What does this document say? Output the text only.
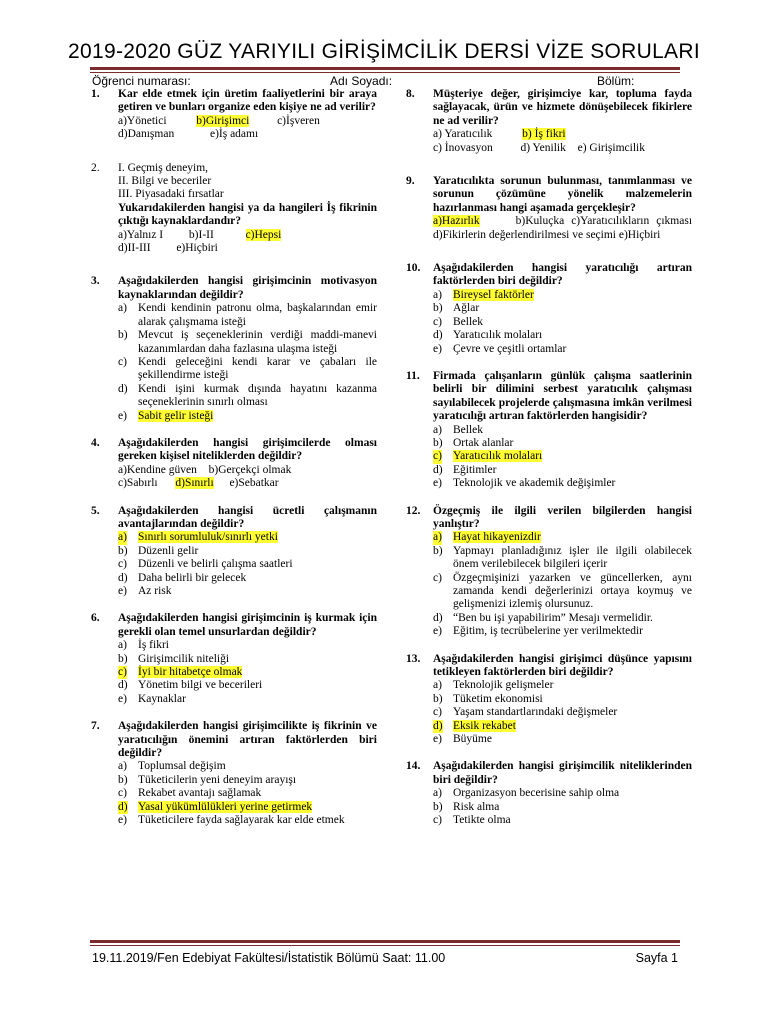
2019-2020 GÜZ YARIYILI GİRİŞİMCİLİK DERSİ VİZE SORULARI
Öğrenci numarası:	Adı Soyadı:	Bölüm:
1. Kar elde etmek için üretim faaliyetlerini bir araya getiren ve bunları organize eden kişiye ne ad verilir?
a)Yönetici	b)Girişimci c)İşveren
d)Danışman	e)İş adamı
2. I. Geçmiş deneyim,
II. Bilgi ve beceriler
III. Piyasadaki fırsatlar
Yukarıdakilerden hangisi ya da hangileri İş fikrinin çıktığı kaynaklardandır?
a)Yalnız I b)I-II	c)Hepsi
d)II-III e)Hiçbiri
3. Aşağıdakilerden hangisi girişimcinin motivasyon kaynaklarından değildir?
a) Kendi kendinin patronu olma, başkalarından emir alarak çalışmama isteği
b) Mevcut iş seçeneklerinin verdiği maddi-manevi kazanımlardan daha fazlasına ulaşma isteği
c) Kendi geleceğini kendi karar ve çabaları ile şekillendirme isteği
d) Kendi işini kurmak dışında hayatını kazanma seçeneklerinin sınırlı olması
e) Sabit gelir isteği
4. Aşağıdakilerden hangisi girişimcilerde olması gereken kişisel niteliklerden değildir?
a)Kendine güven b)Gerçekçi olmak
c)Sabırlı d)Sınırlı e)Sebatkar
5. Aşağıdakilerden hangisi ücretli çalışmanın avantajlarından değildir?
a) Sınırlı sorumluluk/sınırlı yetki
b) Düzenli gelir
c) Düzenli ve belirli çalışma saatleri
d) Daha belirli bir gelecek
e) Az risk
6. Aşağıdakilerden hangisi girişimcinin iş kurmak için gerekli olan temel unsurlardan değildir?
a) İş fikri
b) Girişimcilik niteliği
c) İyi bir hitabetçe olmak
d) Yönetim bilgi ve becerileri
e) Kaynaklar
7. Aşağıdakilerden hangisi girişimcilikte iş fikrinin ve yaratıcılığın önemini artıran faktörlerden biri değildir?
a) Toplumsal değişim
b) Tüketicilerin yeni deneyim arayışı
c) Rekabet avantajı sağlamak
d) Yasal yükümlülükleri yerine getirmek
e) Tüketicilere fayda sağlayarak kar elde etmek
8. Müşteriye değer, girişimciye kar, topluma fayda sağlayacak, ürün ve hizmete dönüşebilecek fikirlere ne ad verilir?
a) Yaratıcılık	b) İş fikri
c) İnovasyon d) Yenilik e) Girişimcilik
9. Yaratıcılıkta sorunun bulunması, tanımlanması ve sorunun çözümüne yönelik malzemelerin hazırlanması hangi aşamada gerçekleşir?
a)Hazırlık	b)Kuluçka c)Yaratıcılıkların çıkması d)Fikirlerin değerlendirilmesi ve seçimi e)Hiçbiri
10. Aşağıdakilerden hangisi yaratıcılığı artıran faktörlerden biri değildir?
a) Bireysel faktörler
b) Ağlar
c) Bellek
d) Yaratıcılık molaları
e) Çevre ve çeşitli ortamlar
11. Firmada çalışanların günlük çalışma saatlerinin belirli bir dilimini serbest yaratıcılık çalışması sayılabilecek projelerde çalışmasına imkân verilmesi yaratıcılığı artıran faktörlerden hangisidir?
a) Bellek
b) Ortak alanlar
c) Yaratıcılık molaları
d) Eğitimler
e) Teknolojik ve akademik değişimler
12. Özgeçmiş ile ilgili verilen bilgilerden hangisi yanlıştır?
a) Hayat hikayenizdir
b) Yapmayı planladığınız işler ile ilgili olabilecek önem verilebilecek bilgileri içerir
c) Özgeçmişinizi yazarken ve güncellerken, aynı zamanda kendi değerlerinizi ortaya koymuş ve gelişmenizi izlemiş olursunuz.
d) “Ben bu işi yapabilirim” Mesajı vermelidir.
e) Eğitim, iş tecrübelerine yer verilmektedir
13. Aşağıdakilerden hangisi girişimci düşünce yapısını tetikleyen faktörlerden biri değildir?
a) Teknolojik gelişmeler
b) Tüketim ekonomisi
c) Yaşam standartlarındaki değişmeler
d) Eksik rekabet
e) Büyüme
14. Aşağıdakilerden hangisi girişimcilik niteliklerinden biri değildir?
a) Organizasyon becerisine sahip olma
b) Risk alma
c) Tetikte olma
19.11.2019/Fen Edebiyat Fakültesi/İstatistik Bölümü Saat: 11.00	Sayfa 1
